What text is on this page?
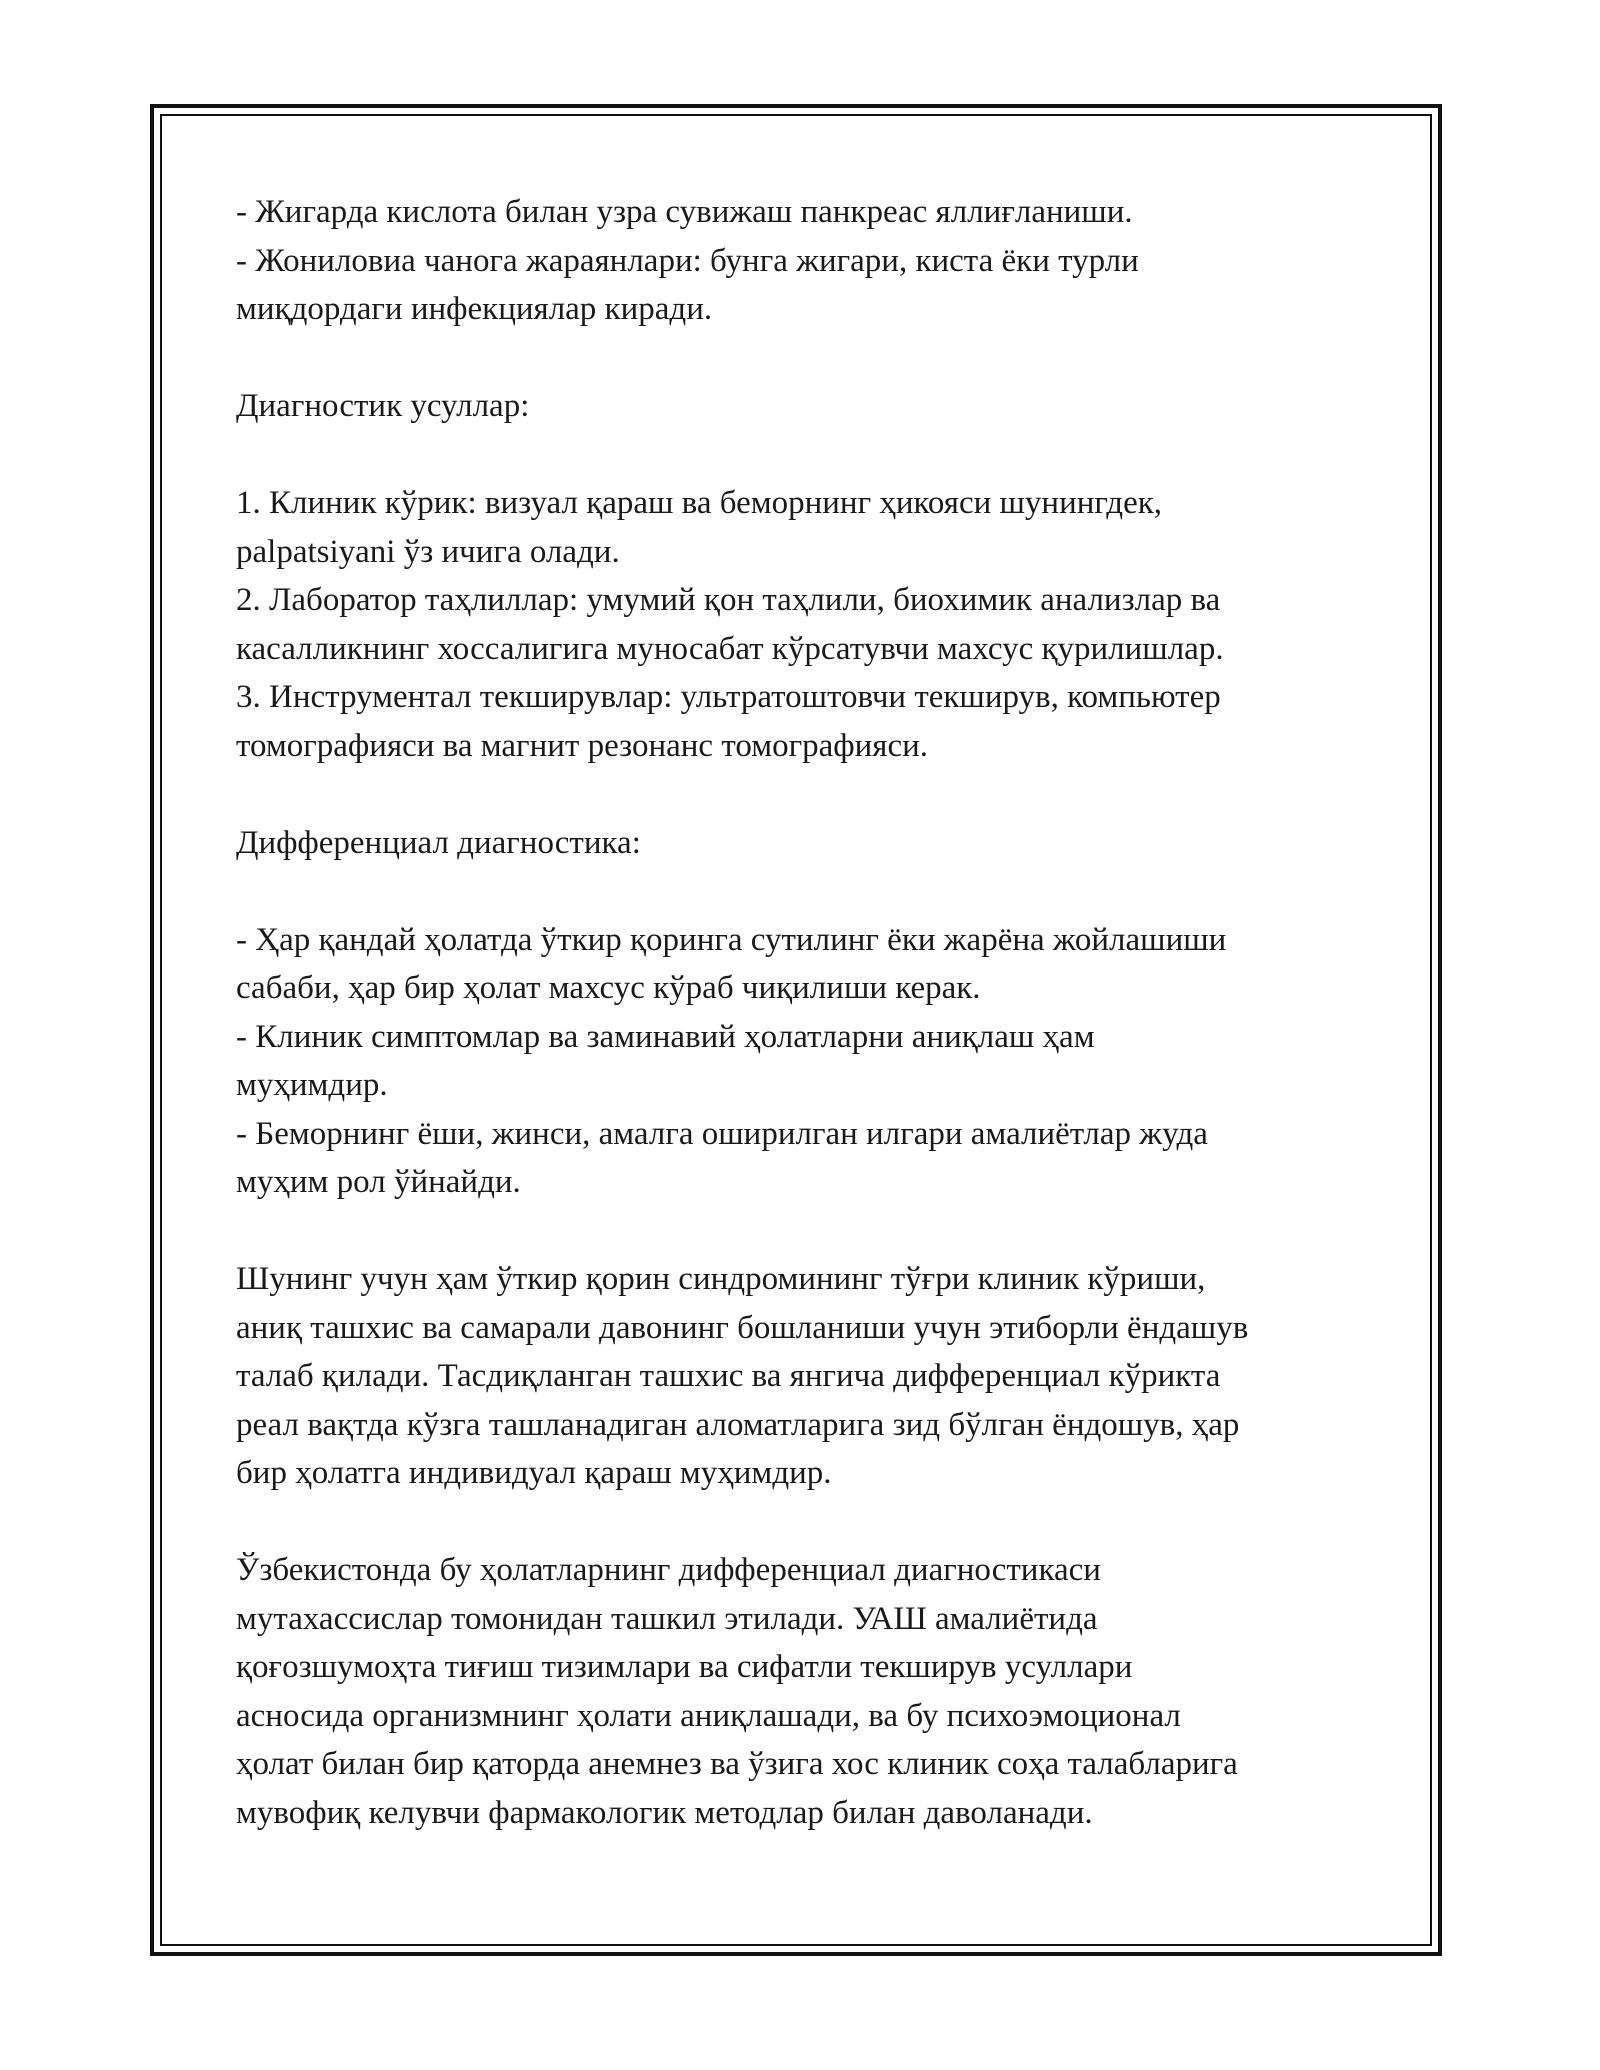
- Жигарда кислота билан узра сувижаш панкреас яллиғланиши.
- Жониловиа чанога жараянлари: бунга жигари, киста ёки турли
миқдордаги инфекциялар киради.
Диагностик усуллар:
1. Клиник кўрик: визуал қараш ва беморнинг ҳикояси шунингдек,
palpatsiyani ўз ичига олади.
2. Лаборатор таҳлиллар: умумий қон таҳлили, биохимик анализлар ва
касалликнинг хоссалигига муносабат кўрсатувчи махсус қурилишлар.
3. Инструментал текширувлар: ультратоштовчи текширув, компьютер
томографияси ва магнит резонанс томографияси.
Дифференциал диагностика:
- Ҳар қандай ҳолатда ўткир қоринга сутилинг ёки жарёна жойлашиши
сабаби, ҳар бир ҳолат махсус кўраб чиқилиши керак.
- Клиник симптомлар ва заминавий ҳолатларни аниқлаш ҳам
муҳимдир.
- Беморнинг ёши, жинси, амалга оширилган илгари амалиётлар жуда
муҳим рол ўйнайди.
Шунинг учун ҳам ўткир қорин синдромининг тўғри клиник кўриши,
аниқ ташхис ва самарали давонинг бошланиши учун этиборли ёндашув
талаб қилади. Тасдиқланган ташхис ва янгича дифференциал кўрикта
реал вақтда кўзга ташланадиган аломатларига зид бўлган ёндошув, ҳар
бир ҳолатга индивидуал қараш муҳимдир.
Ўзбекистонда бу ҳолатларнинг дифференциал диагностикаси
мутахассислар томонидан ташкил этилади. УАШ амалиётида
қоғозшумоҳта тиғиш тизимлари ва сифатли текширув усуллари
асносида организмнинг ҳолати аниқлашади, ва бу психоэмоционал
ҳолат билан бир қаторда анемнез ва ўзига хос клиник соҳа талабларига
мувофиқ келувчи фармакологик методлар билан даволанади.
